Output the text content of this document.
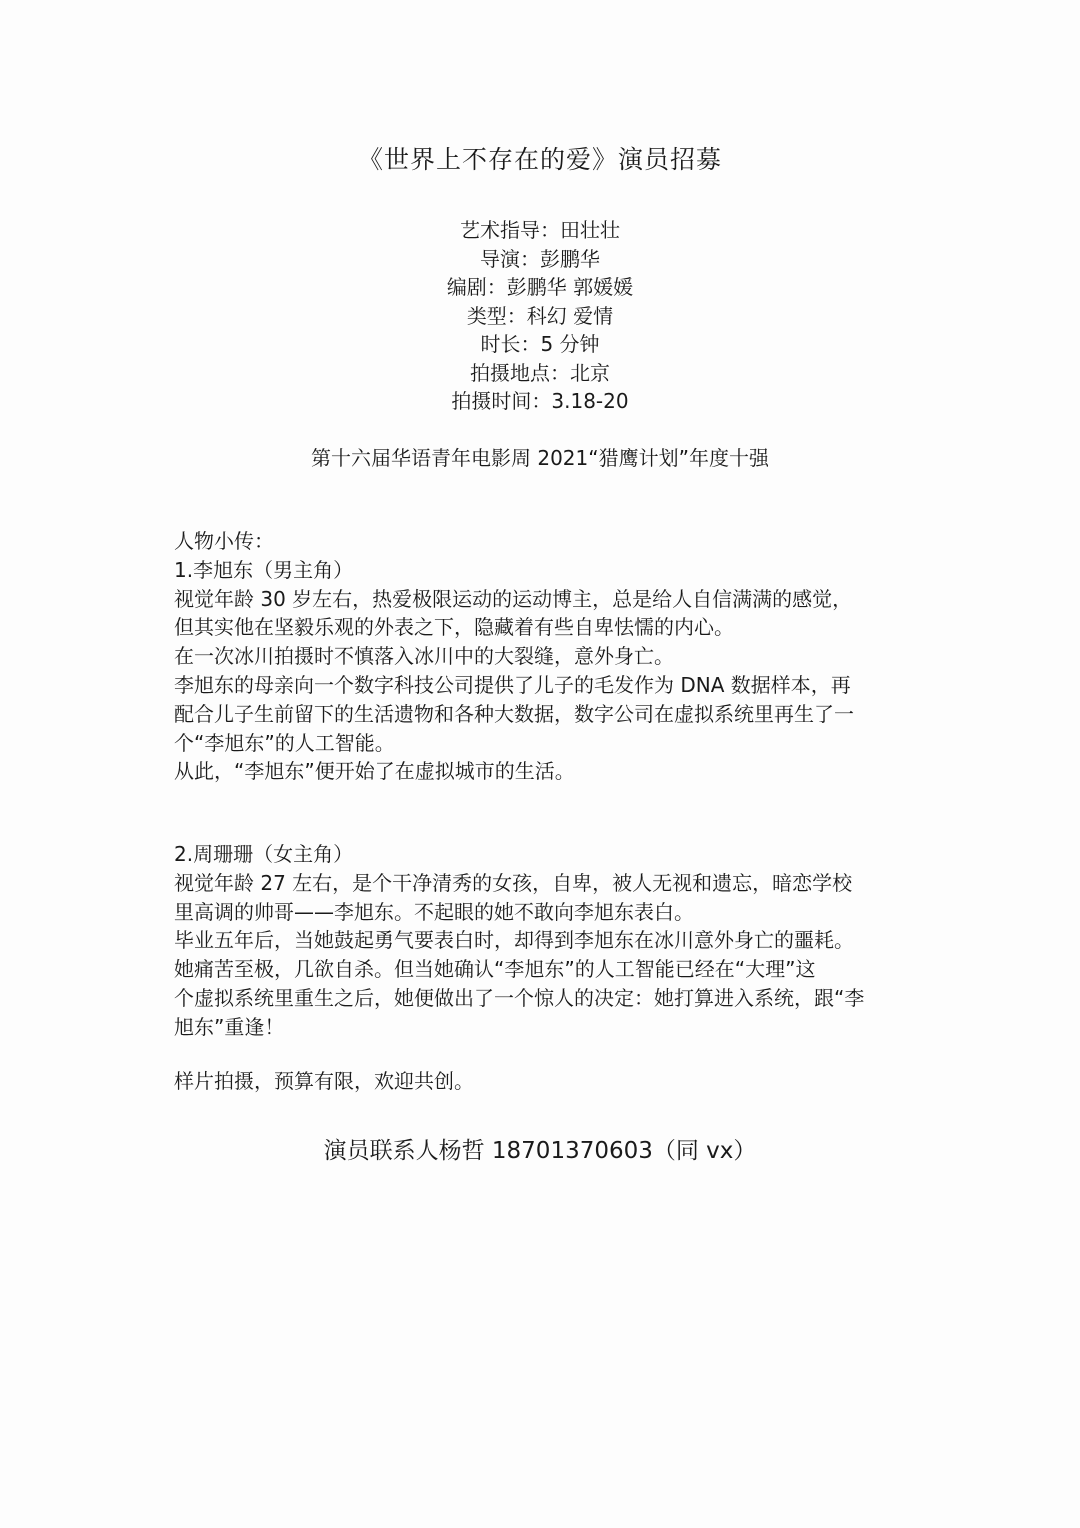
《世界上不存在的爱》演员招募
艺术指导：田壮壮
导演：彭鹏华
编剧：彭鹏华 郭媛媛
类型：科幻 爱情
时长：5 分钟
拍摄地点：北京
拍摄时间：3.18-20
第十六届华语青年电影周 2021“猎鹰计划”年度十强

人物小传：

1.李旭东（男主角）

视觉年龄 30 岁左右，热爱极限运动的运动博主，总是给人自信满满的感觉，

但其实他在坚毅乐观的外表之下，隐藏着有些自卑怯懦的内心。

在一次冰川拍摄时不慎落入冰川中的大裂缝，意外身亡。

李旭东的母亲向一个数字科技公司提供了儿子的毛发作为 DNA 数据样本，再

配合儿子生前留下的生活遗物和各种大数据，数字公司在虚拟系统里再生了一

个“李旭东”的人工智能。

从此，“李旭东”便开始了在虚拟城市的生活。

2.周珊珊（女主角）

视觉年龄 27 左右，是个干净清秀的女孩，自卑，被人无视和遗忘，暗恋学校

里高调的帅哥——李旭东。不起眼的她不敢向李旭东表白。

毕业五年后，当她鼓起勇气要表白时，却得到李旭东在冰川意外身亡的噩耗。

她痛苦至极，几欲自杀。但当她确认“李旭东”的人工智能已经在“大理”这

个虚拟系统里重生之后，她便做出了一个惊人的决定：她打算进入系统，跟“李

旭东”重逢！

样片拍摄，预算有限，欢迎共创。
演员联系人杨哲 18701370603（同 vx）
